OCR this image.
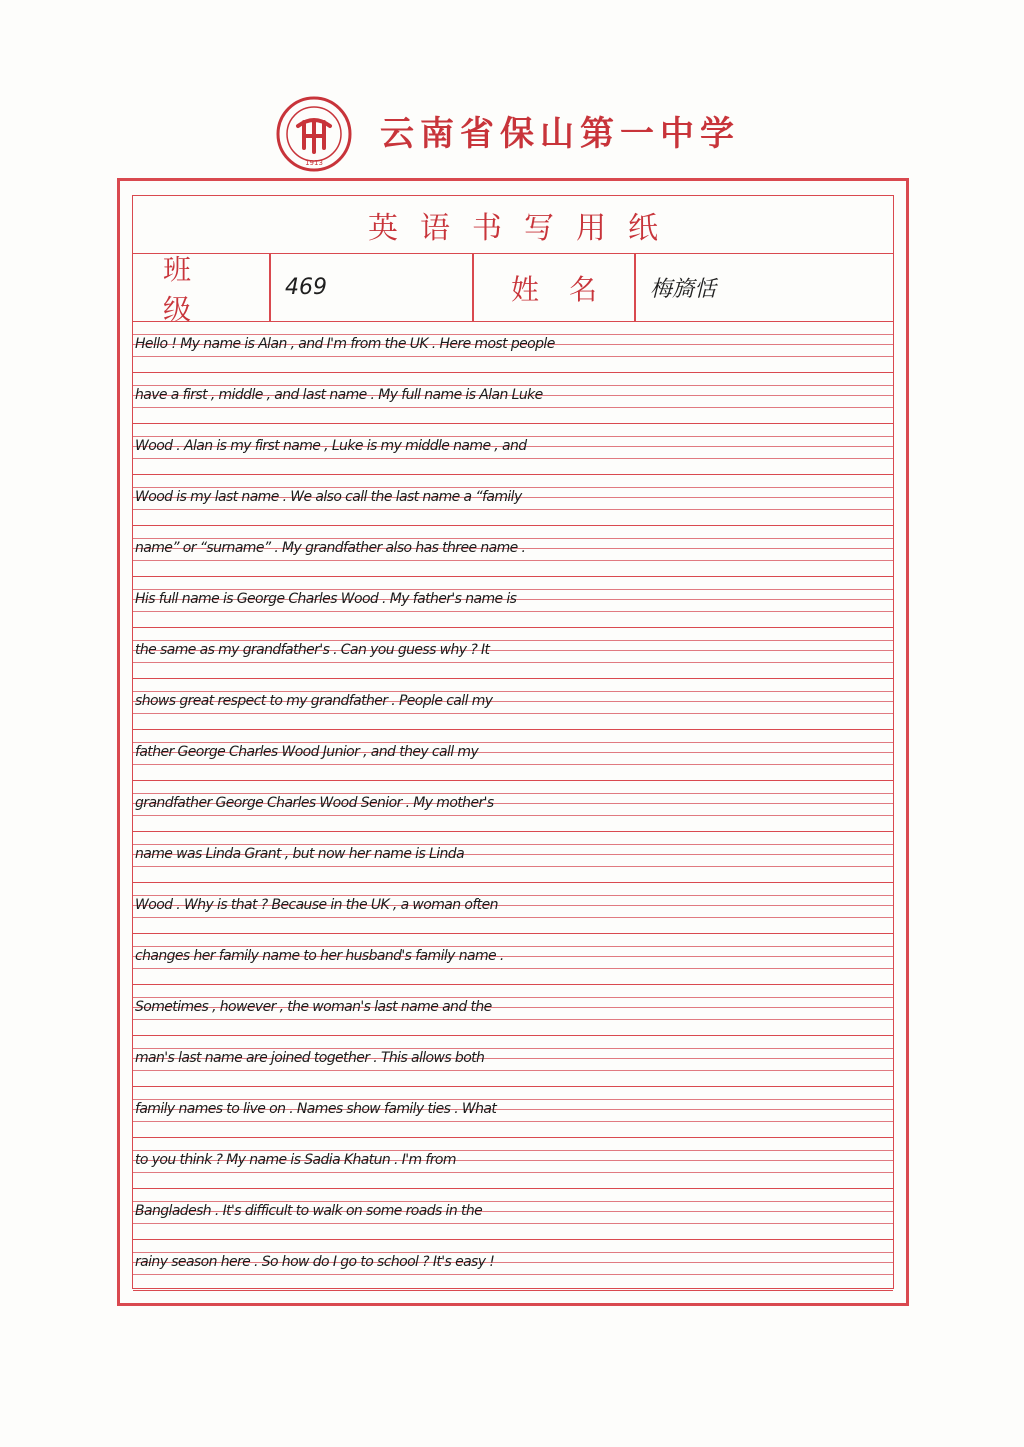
1913
云南省保山第一中学
英语书写用纸
班级
469	姓名	梅旖恬
Hello ! My name is Alan , and I'm from the UK . Here most people
have a first , middle , and last name . My full name is Alan Luke
Wood . Alan is my first name , Luke is my middle name , and
Wood is my last name . We also call the last name a “family
name” or “surname” . My grandfather also has three name .
His full name is George Charles Wood . My father's name is
the same as my grandfather's . Can you guess why ? It
shows great respect to my grandfather . People call my
father George Charles Wood Junior , and they call my
grandfather George Charles Wood Senior . My mother's
name was Linda Grant , but now her name is Linda
Wood . Why is that ? Because in the UK , a woman often
changes her family name to her husband's family name .
Sometimes , however , the woman's last name and the
man's last name are joined together . This allows both
family names to live on . Names show family ties . What
to you think ? My name is Sadia Khatun . I'm from
Bangladesh . It's difficult to walk on some roads in the
rainy season here . So how do I go to school ? It's easy !
